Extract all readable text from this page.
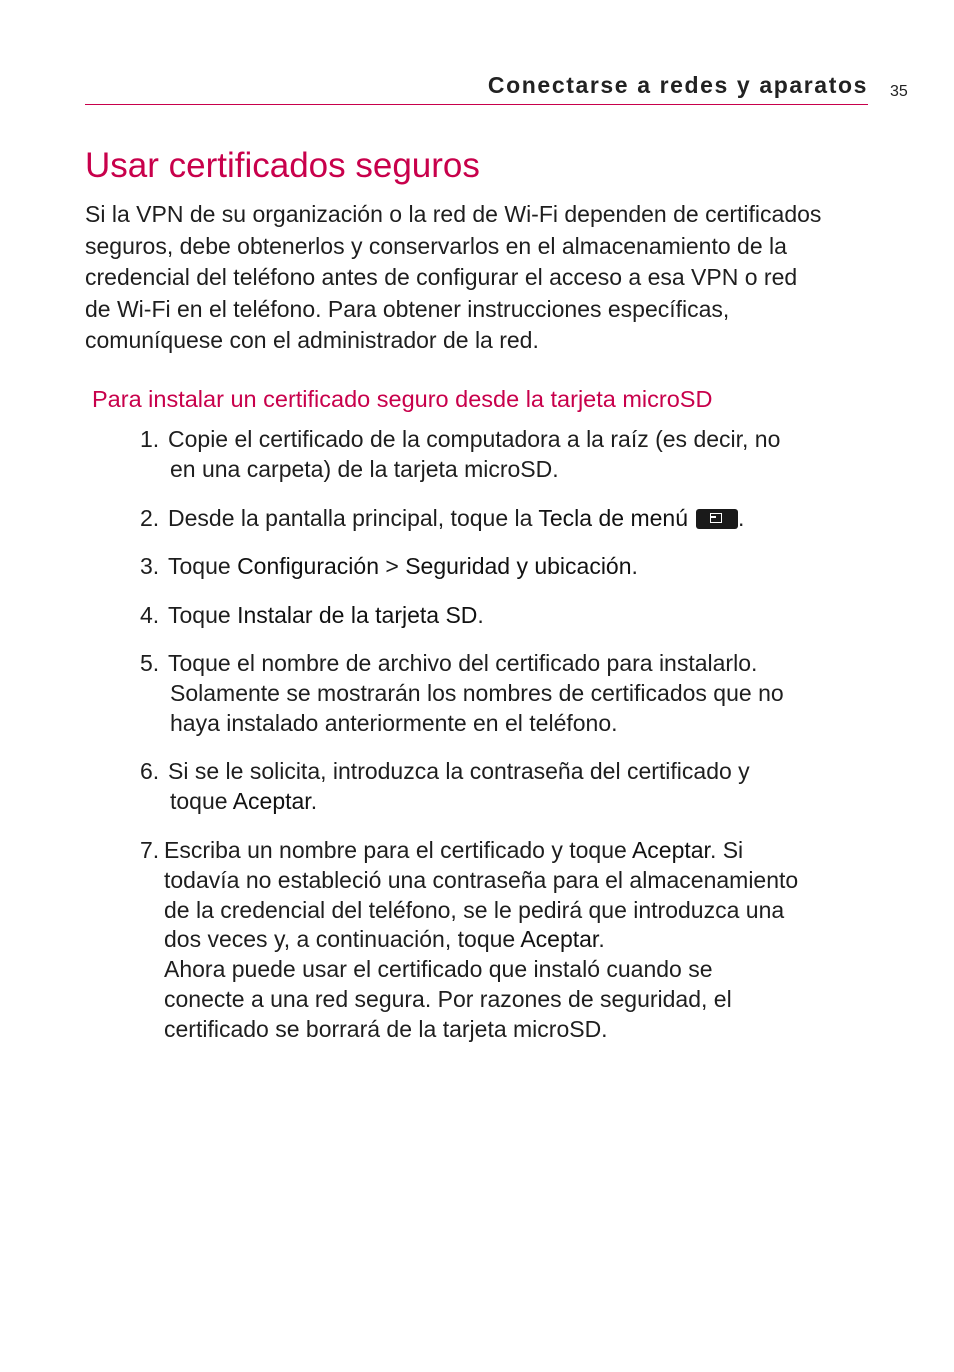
Conectarse a redes y aparatos 35
Usar certificados seguros

Si la VPN de su organización o la red de Wi-Fi dependen de certificados
seguros, debe obtenerlos y conservarlos en el almacenamiento de la
credencial del teléfono antes de configurar el acceso a esa VPN o red
de Wi-Fi en el teléfono. Para obtener instrucciones específicas,
comuníquese con el administrador de la red.

Para instalar un certificado seguro desde la tarjeta microSD
1. Copie el certificado de la computadora a la raíz (es decir, no
en una carpeta) de la tarjeta microSD.
2. Desde la pantalla principal, toque la Tecla de menú .
3. Toque Configuración > Seguridad y ubicación.
4. Toque Instalar de la tarjeta SD.
5. Toque el nombre de archivo del certificado para instalarlo.
Solamente se mostrarán los nombres de certificados que no
haya instalado anteriormente en el teléfono.
6. Si se le solicita, introduzca la contraseña del certificado y
toque Aceptar.
7. Escriba un nombre para el certificado y toque Aceptar. Si
todavía no estableció una contraseña para el almacenamiento
de la credencial del teléfono, se le pedirá que introduzca una
dos veces y, a continuación, toque Aceptar.
Ahora puede usar el certificado que instaló cuando se
conecte a una red segura. Por razones de seguridad, el
certificado se borrará de la tarjeta microSD.
